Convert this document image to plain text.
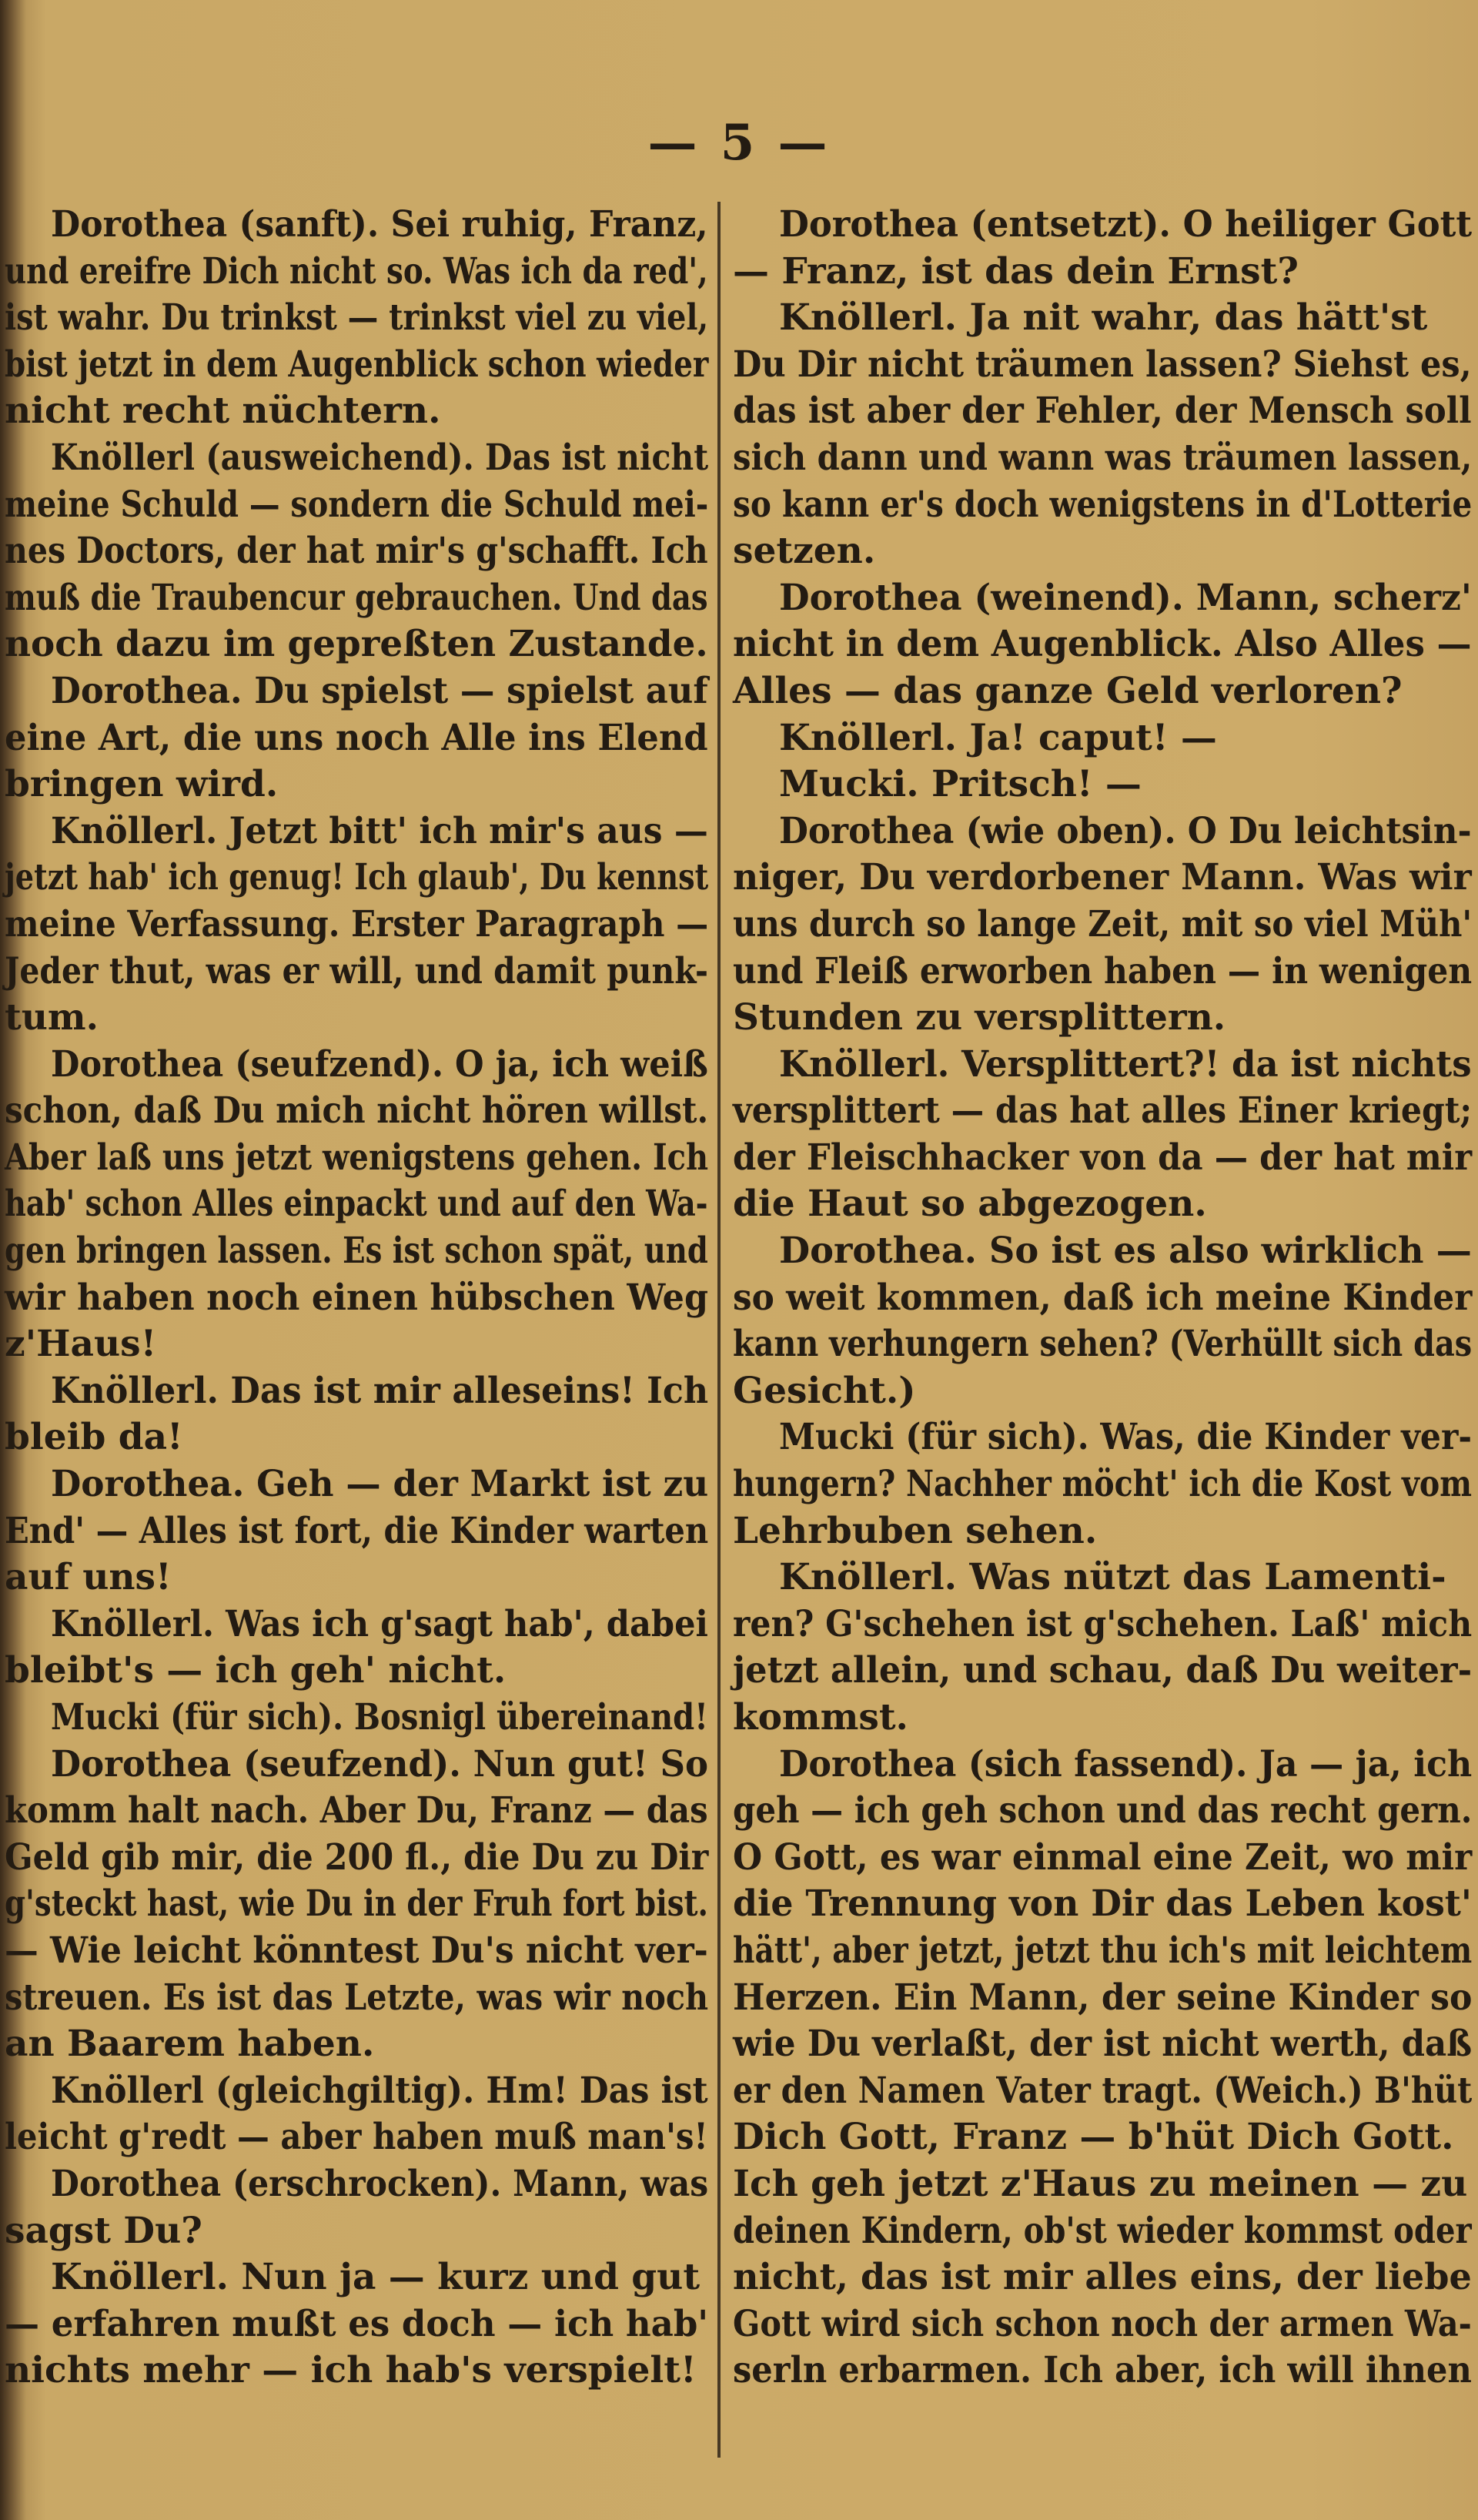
— 5 —
Dorothea (sanft). Sei ruhig, Franz,
und ereifre Dich nicht so. Was ich da red',
ist wahr. Du trinkst — trinkst viel zu viel,
bist jetzt in dem Augenblick schon wieder
nicht recht nüchtern.
Knöllerl (ausweichend). Das ist nicht
meine Schuld — sondern die Schuld mei-
nes Doctors, der hat mir's g'schafft. Ich
muß die Traubencur gebrauchen. Und das
noch dazu im gepreßten Zustande.
Dorothea. Du spielst — spielst auf
eine Art, die uns noch Alle ins Elend
bringen wird.
Knöllerl. Jetzt bitt' ich mir's aus —
jetzt hab' ich genug! Ich glaub', Du kennst
meine Verfassung. Erster Paragraph —
Jeder thut, was er will, und damit punk-
tum.
Dorothea (seufzend). O ja, ich weiß
schon, daß Du mich nicht hören willst.
Aber laß uns jetzt wenigstens gehen. Ich
hab' schon Alles einpackt und auf den Wa-
gen bringen lassen. Es ist schon spät, und
wir haben noch einen hübschen Weg
z'Haus!
Knöllerl. Das ist mir alleseins! Ich
bleib da!
Dorothea. Geh — der Markt ist zu
End' — Alles ist fort, die Kinder warten
auf uns!
Knöllerl. Was ich g'sagt hab', dabei
bleibt's — ich geh' nicht.
Mucki (für sich). Bosnigl übereinand!
Dorothea (seufzend). Nun gut! So
komm halt nach. Aber Du, Franz — das
Geld gib mir, die 200 fl., die Du zu Dir
g'steckt hast, wie Du in der Fruh fort bist.
— Wie leicht könntest Du's nicht ver-
streuen. Es ist das Letzte, was wir noch
an Baarem haben.
Knöllerl (gleichgiltig). Hm! Das ist
leicht g'redt — aber haben muß man's!
Dorothea (erschrocken). Mann, was
sagst Du?
Knöllerl. Nun ja — kurz und gut
— erfahren mußt es doch — ich hab'
nichts mehr — ich hab's verspielt!
Dorothea (entsetzt). O heiliger Gott
— Franz, ist das dein Ernst?
Knöllerl. Ja nit wahr, das hätt'st
Du Dir nicht träumen lassen? Siehst es,
das ist aber der Fehler, der Mensch soll
sich dann und wann was träumen lassen,
so kann er's doch wenigstens in d'Lotterie
setzen.
Dorothea (weinend). Mann, scherz'
nicht in dem Augenblick. Also Alles —
Alles — das ganze Geld verloren?
Knöllerl. Ja! caput! —
Mucki. Pritsch! —
Dorothea (wie oben). O Du leichtsin-
niger, Du verdorbener Mann. Was wir
uns durch so lange Zeit, mit so viel Müh'
und Fleiß erworben haben — in wenigen
Stunden zu versplittern.
Knöllerl. Versplittert?! da ist nichts
versplittert — das hat alles Einer kriegt;
der Fleischhacker von da — der hat mir
die Haut so abgezogen.
Dorothea. So ist es also wirklich —
so weit kommen, daß ich meine Kinder
kann verhungern sehen? (Verhüllt sich das
Gesicht.)
Mucki (für sich). Was, die Kinder ver-
hungern? Nachher möcht' ich die Kost vom
Lehrbuben sehen.
Knöllerl. Was nützt das Lamenti-
ren? G'schehen ist g'schehen. Laß' mich
jetzt allein, und schau, daß Du weiter-
kommst.
Dorothea (sich fassend). Ja — ja, ich
geh — ich geh schon und das recht gern.
O Gott, es war einmal eine Zeit, wo mir
die Trennung von Dir das Leben kost'
hätt', aber jetzt, jetzt thu ich's mit leichtem
Herzen. Ein Mann, der seine Kinder so
wie Du verlaßt, der ist nicht werth, daß
er den Namen Vater tragt. (Weich.) B'hüt
Dich Gott, Franz — b'hüt Dich Gott.
Ich geh jetzt z'Haus zu meinen — zu
deinen Kindern, ob'st wieder kommst oder
nicht, das ist mir alles eins, der liebe
Gott wird sich schon noch der armen Wa-
serln erbarmen. Ich aber, ich will ihnen
